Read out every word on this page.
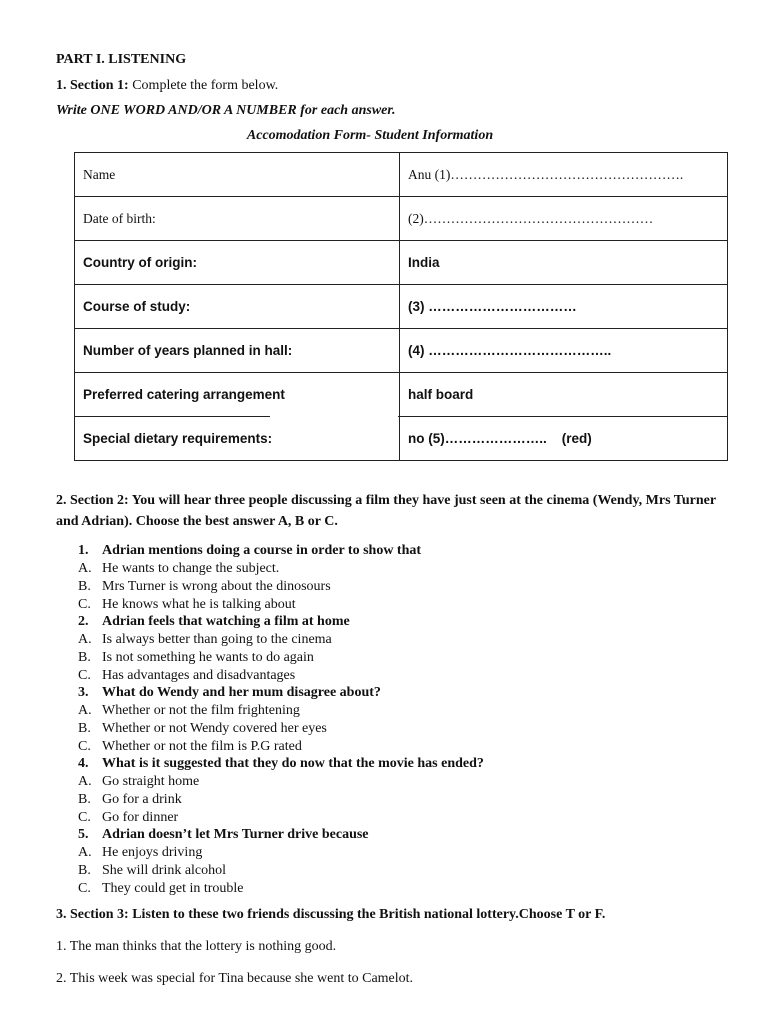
PART I. LISTENING
1. Section 1: Complete the form below.
Write ONE WORD AND/OR A NUMBER for each answer.
Accomodation Form- Student Information
Name	Anu (1)…………………………………………….
Date of birth:	(2)……………………………………………
Country of origin:	India
Course of study:	(3) ……………………………
Number of years planned in hall:	(4) …………………………………..
Preferred catering arrangement	half board
Special dietary requirements:	no (5)…………………..    (red)
2. Section 2: You will hear three people discussing a film they have just seen at the cinema (Wendy, Mrs Turner and Adrian). Choose the best answer A, B or C.
1. Adrian mentions doing a course in order to show that
A. He wants to change the subject.
B. Mrs Turner is wrong about the dinosours
C. He knows what he is talking about
2. Adrian feels that watching a film at home
A. Is always better than going to the cinema
B. Is not something he wants to do again
C. Has advantages and disadvantages
3. What do Wendy and her mum disagree about?
A. Whether or not the film frightening
B. Whether or not Wendy covered her eyes
C. Whether or not the film is P.G rated
4. What is it suggested that they do now that the movie has ended?
A. Go straight home
B. Go for a drink
C. Go for dinner
5. Adrian doesn’t let Mrs Turner drive because
A. He enjoys driving
B. She will drink alcohol
C. They could get in trouble
3. Section 3: Listen to these two friends discussing the British national lottery.Choose T or F.
1. The man thinks that the lottery is nothing good.
2. This week was special for Tina because she went to Camelot.
